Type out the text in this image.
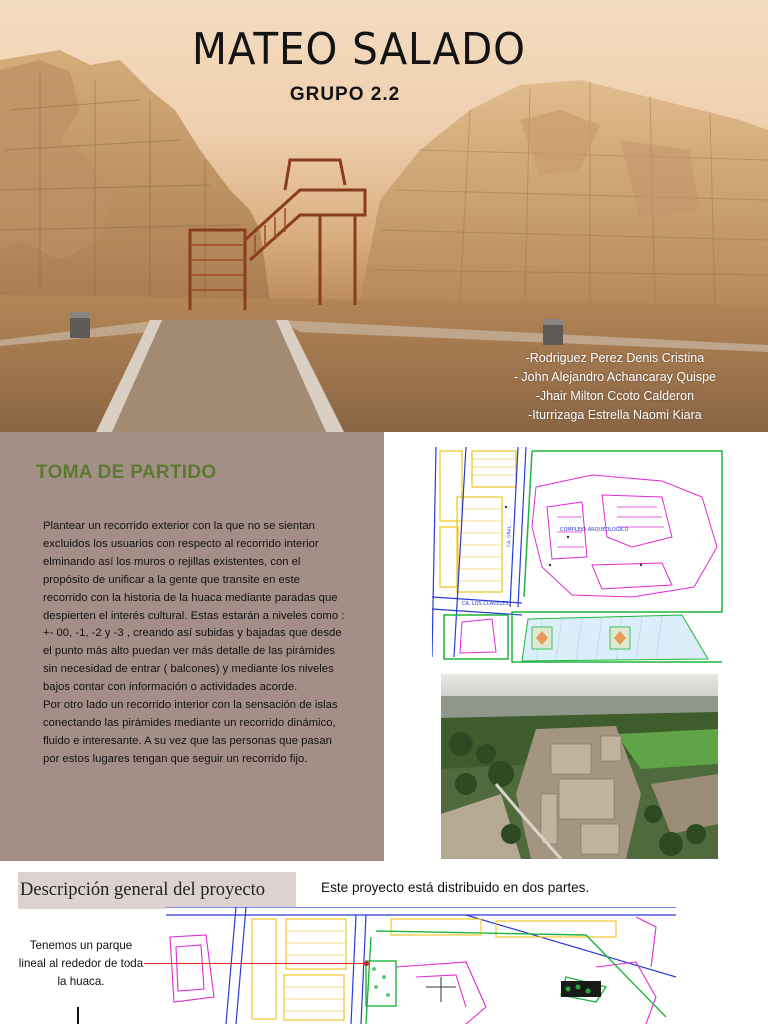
MATEO SALADO
GRUPO 2.2
-Rodriguez Perez Denis Cristina
- John Alejandro Achancaray Quispe
-Jhair Milton Ccoto Calderon
-Iturrizaga Estrella Naomi Kiara
TOMA DE PARTIDO

Plantear un recorrido exterior con la que no se sientan excluidos los usuarios con respecto al recorrido interior elminando así los muros o rejillas existentes, con el propósito de unificar a la gente que transite en este recorrido con la historia de la huaca mediante paradas que despierten el interés cultural. Estas estarán a niveles como : +- 00, -1, -2 y -3 , creando así subidas y bajadas que desde el punto más alto puedan ver más detalle de las pirámides sin necesidad de entrar ( balcones) y mediante los niveles bajos contar con información o actividades acorde.
Por otro lado un recorrido interior con la sensación de islas conectando las pirámides mediante un recorrido dinámico, fluido e interesante. A su vez que las personas que pasan por estos lugares tengan que seguir un recorrido fijo.

CA. LOS CLAVELES
COMPLEJO ARQUEOLOGICO
CA. GRAL. ...
Descripción general del proyecto	Este proyecto está distribuido en dos partes.
Tenemos un parque lineal al rededor de toda la huaca.
